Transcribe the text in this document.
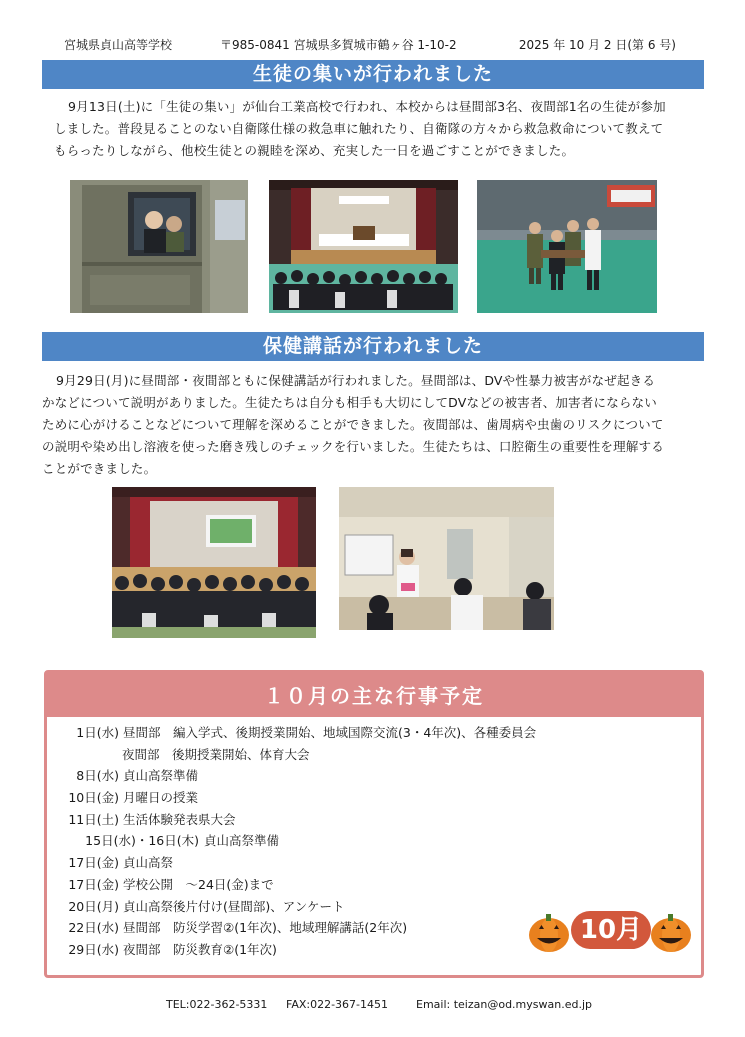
宮城県貞山高等学校	〒985-0841 宮城県多賀城市鶴ヶ谷 1-10-2	2025 年 10 月 2 日(第 6 号)
生徒の集いが行われました
9月13日(土)に「生徒の集い」が仙台工業高校で行われ、本校からは昼間部3名、夜間部1名の生徒が参加
しました。普段見ることのない自衛隊仕様の救急車に触れたり、自衛隊の方々から救急救命について教えて
もらったりしながら、他校生徒との親睦を深め、充実した一日を過ごすことができました。
保健講話が行われました
9月29日(月)に昼間部・夜間部ともに保健講話が行われました。昼間部は、DVや性暴力被害がなぜ起きる
かなどについて説明がありました。生徒たちは自分も相手も大切にしてDVなどの被害者、加害者にならない
ために心がけることなどについて理解を深めることができました。夜間部は、歯周病や虫歯のリスクについて
の説明や染め出し溶液を使った磨き残しのチェックを行いました。生徒たちは、口腔衛生の重要性を理解する
ことができました。
１０月の主な行事予定
1日(水) 昼間部　編入学式、後期授業開始、地域国際交流(3・4年次)、各種委員会
夜間部　後期授業開始、体育大会
8日(水) 貞山高祭準備
10日(金) 月曜日の授業
11日(土) 生活体験発表県大会
15日(水)・16日(木) 貞山高祭準備
17日(金) 貞山高祭
17日(金) 学校公開　～24日(金)まで
20日(月) 貞山高祭後片付け(昼間部)、アンケート
22日(水) 昼間部　防災学習②(1年次)、地域理解講話(2年次)
29日(水) 夜間部　防災教育②(1年次)
10月
TEL:022-362-5331 FAX:022-367-1451	Email: teizan@od.myswan.ed.jp
